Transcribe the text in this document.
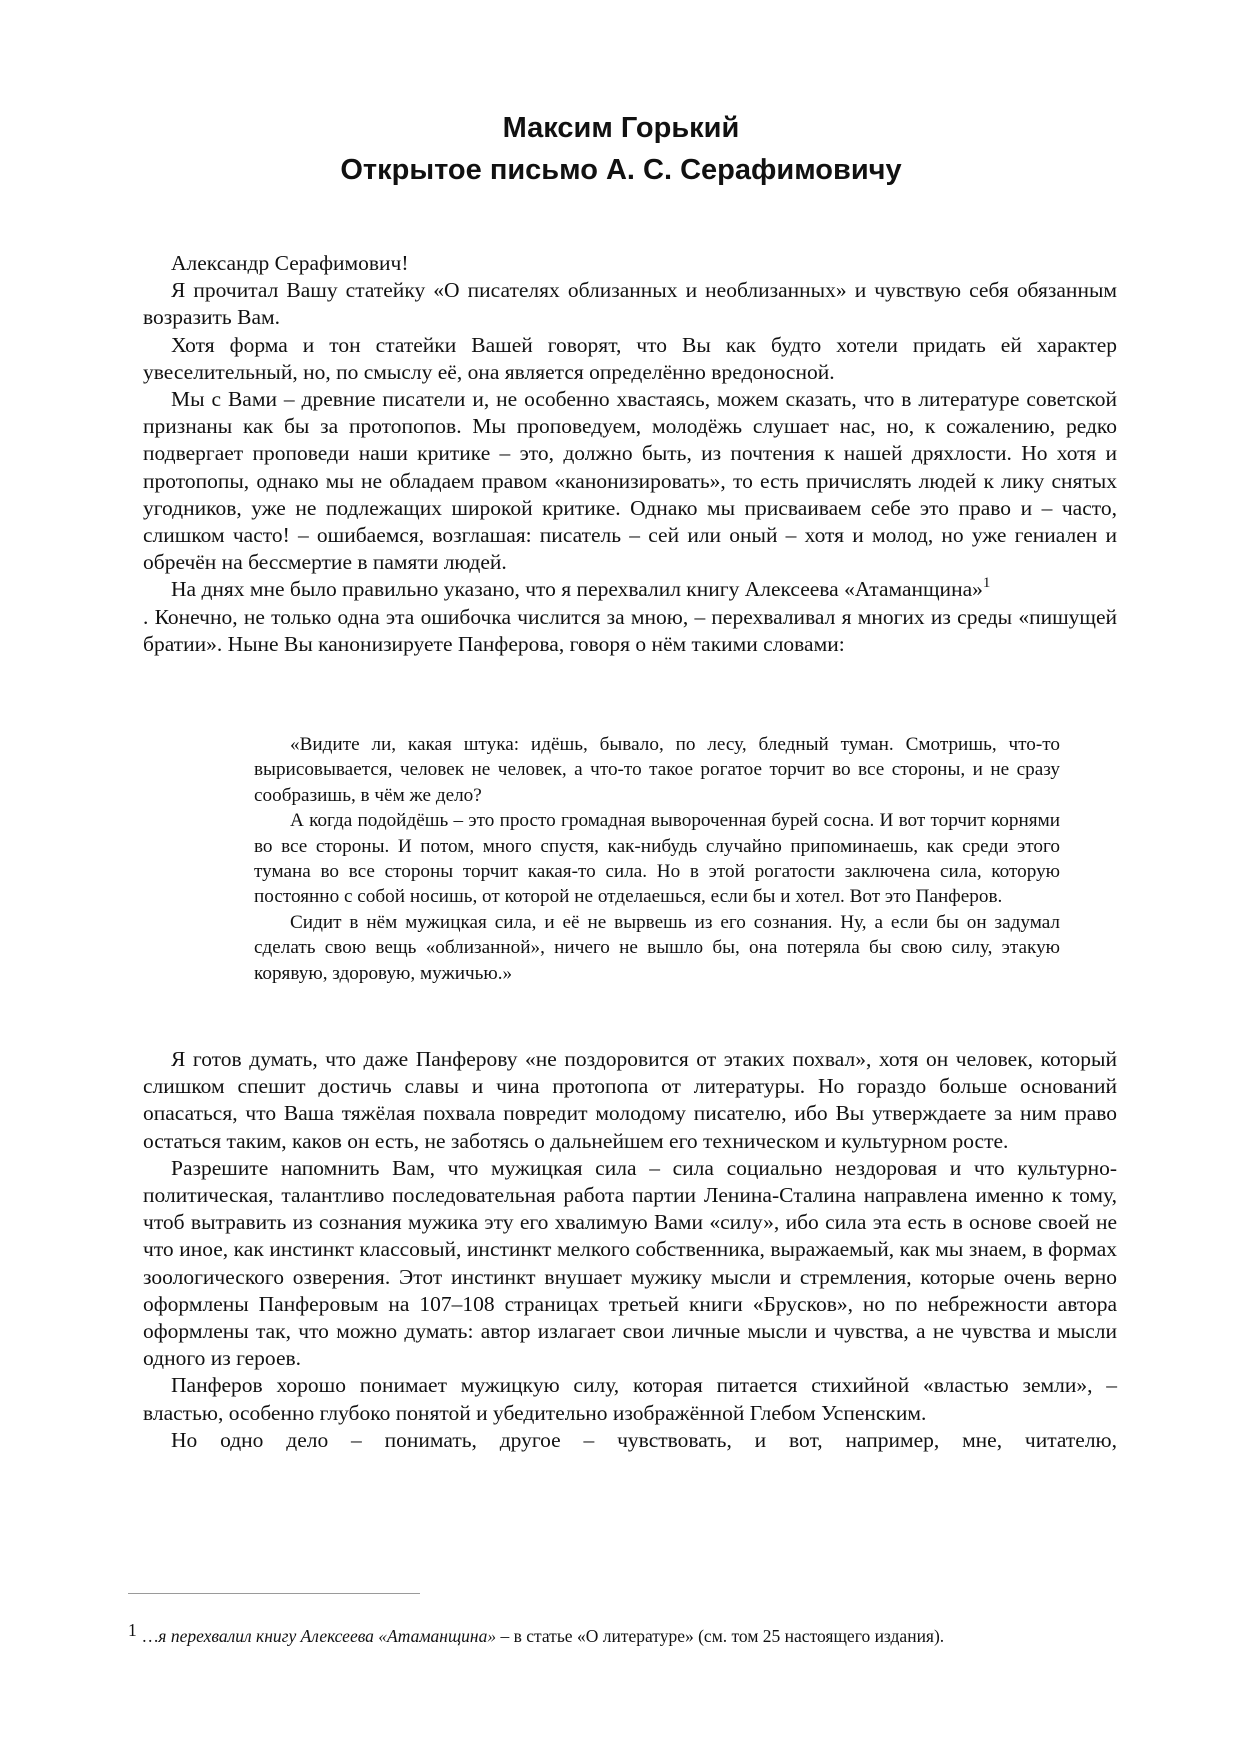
Максим Горький
Открытое письмо А. С. Серафимовичу

Александр Серафимович!

Я прочитал Вашу статейку «О писателях облизанных и необлизанных» и чувствую себя обязанным возразить Вам.

Хотя форма и тон статейки Вашей говорят, что Вы как будто хотели придать ей характер увеселительный, но, по смыслу её, она является определённо вредоносной.

Мы с Вами – древние писатели и, не особенно хвастаясь, можем сказать, что в литературе советской признаны как бы за протопопов. Мы проповедуем, молодёжь слушает нас, но, к сожалению, редко подвергает проповеди наши критике – это, должно быть, из почтения к нашей дряхлости. Но хотя и протопопы, однако мы не обладаем правом «канонизировать», то есть причислять людей к лику снятых угодников, уже не подлежащих широкой критике. Однако мы присваиваем себе это право и – часто, слишком часто! – ошибаемся, возглашая: писатель – сей или оный – хотя и молод, но уже гениален и обречён на бессмертие в памяти людей.

На днях мне было правильно указано, что я перехвалил книгу Алексеева «Атаманщина»$^1$

. Конечно, не только одна эта ошибочка числится за мною, – перехваливал я многих из среды «пишущей братии». Ныне Вы канонизируете Панферова, говоря о нём такими словами:

«Видите ли, какая штука: идёшь, бывало, по лесу, бледный туман. Смотришь, что-то вырисовывается, человек не человек, а что-то такое рогатое торчит во все стороны, и не сразу сообразишь, в чём же дело?

А когда подойдёшь – это просто громадная вывороченная бурей сосна. И вот торчит корнями во все стороны. И потом, много спустя, как-нибудь случайно припоминаешь, как среди этого тумана во все стороны торчит какая-то сила. Но в этой рогатости заключена сила, которую постоянно с собой носишь, от которой не отделаешься, если бы и хотел. Вот это Панферов.

Сидит в нём мужицкая сила, и её не вырвешь из его сознания. Ну, а если бы он задумал сделать свою вещь «облизанной», ничего не вышло бы, она потеряла бы свою силу, этакую корявую, здоровую, мужичью.»

Я готов думать, что даже Панферову «не поздоровится от этаких похвал», хотя он человек, который слишком спешит достичь славы и чина протопопа от литературы. Но гораздо больше оснований опасаться, что Ваша тяжёлая похвала повредит молодому писателю, ибо Вы утверждаете за ним право остаться таким, каков он есть, не заботясь о дальнейшем его техническом и культурном росте.

Разрешите напомнить Вам, что мужицкая сила – сила социально нездоровая и что культурно-политическая, талантливо последовательная работа партии Ленина-Сталина направлена именно к тому, чтоб вытравить из сознания мужика эту его хвалимую Вами «силу», ибо сила эта есть в основе своей не что иное, как инстинкт классовый, инстинкт мелкого собственника, выражаемый, как мы знаем, в формах зоологического озверения. Этот инстинкт внушает мужику мысли и стремления, которые очень верно оформлены Панферовым на 107–108 страницах третьей книги «Брусков», но по небрежности автора оформлены так, что можно думать: автор излагает свои личные мысли и чувства, а не чувства и мысли одного из героев.

Панферов хорошо понимает мужицкую силу, которая питается стихийной «властью земли», – властью, особенно глубоко понятой и убедительно изображённой Глебом Успенским.

Но одно дело – понимать, другое – чувствовать, и вот, например, мне, читателю,

1 …я перехвалил книгу Алексеева «Атаманщина» – в статье «О литературе» (см. том 25 настоящего издания).
